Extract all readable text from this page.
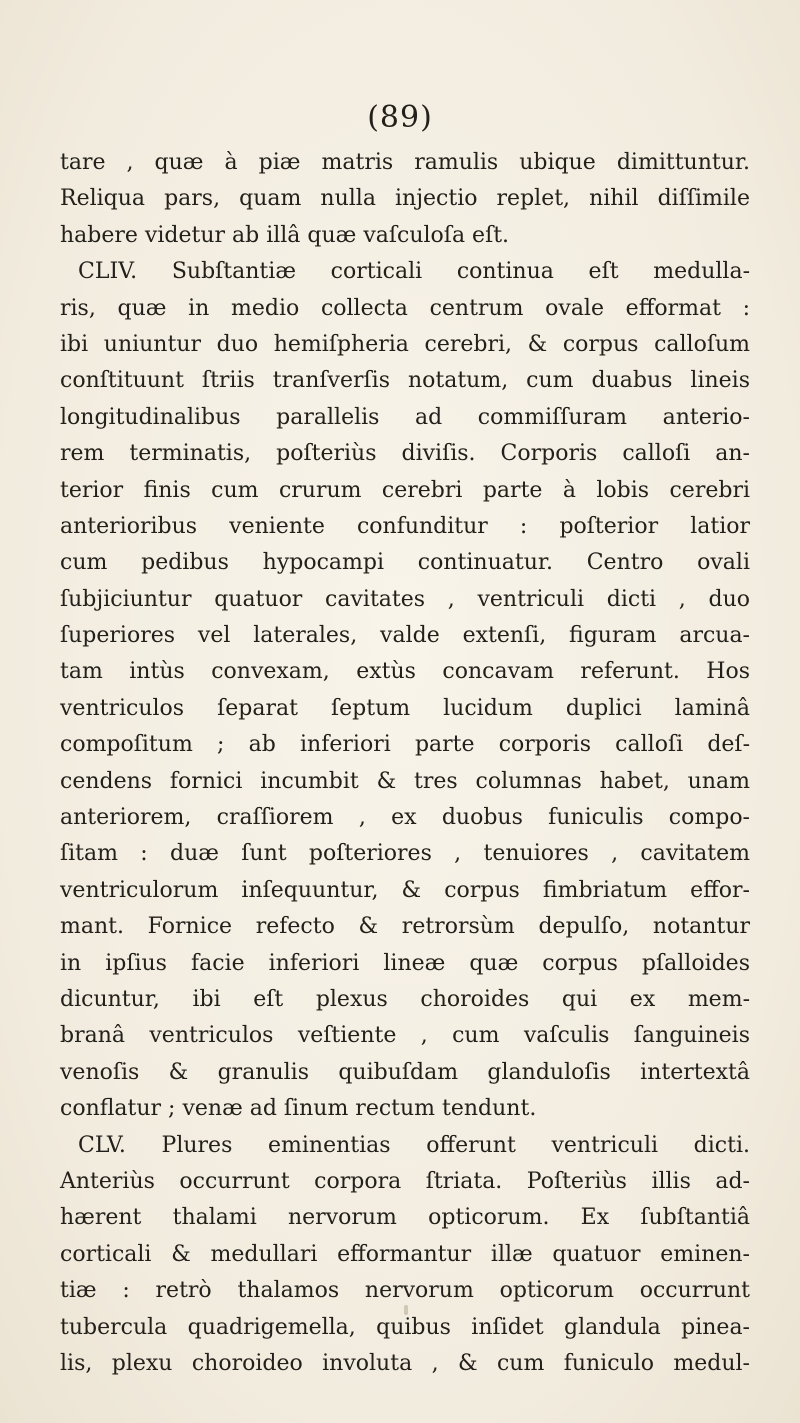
(89)
tare , quæ à piæ matris ramulis ubique dimittuntur.
Reliqua pars, quam nulla injectio replet, nihil diſſimile
habere videtur ab illâ quæ vaſculoſa eſt.
CLIV. Subſtantiæ corticali continua eſt medulla-
ris, quæ in medio collecta centrum ovale efformat :
ibi uniuntur duo hemiſpheria cerebri, & corpus calloſum
conſtituunt ſtriis tranſverſis notatum, cum duabus lineis
longitudinalibus parallelis ad commiſſuram anterio-
rem terminatis, poſteriùs diviſis. Corporis calloſi an-
terior finis cum crurum cerebri parte à lobis cerebri
anterioribus veniente confunditur : poſterior latior
cum pedibus hypocampi continuatur. Centro ovali
ſubjiciuntur quatuor cavitates , ventriculi dicti , duo
ſuperiores vel laterales, valde extenſi, figuram arcua-
tam intùs convexam, extùs concavam referunt. Hos
ventriculos ſeparat ſeptum lucidum duplici laminâ
compoſitum ; ab inferiori parte corporis calloſi deſ-
cendens fornici incumbit & tres columnas habet, unam
anteriorem, craſſiorem , ex duobus funiculis compo-
ſitam : duæ ſunt poſteriores , tenuiores , cavitatem
ventriculorum inſequuntur, & corpus fimbriatum effor-
mant. Fornice refecto & retrorsùm depulſo, notantur
in ipſius facie inferiori lineæ quæ corpus pſalloides
dicuntur, ibi eſt plexus choroides qui ex mem-
branâ ventriculos veſtiente , cum vaſculis ſanguineis
venoſis & granulis quibuſdam glanduloſis intertextâ
conflatur ; venæ ad ſinum rectum tendunt.
CLV. Plures eminentias offerunt ventriculi dicti.
Anteriùs occurrunt corpora ſtriata. Poſteriùs illis ad-
hærent thalami nervorum opticorum. Ex ſubſtantiâ
corticali & medullari efformantur illæ quatuor eminen-
tiæ : retrò thalamos nervorum opticorum occurrunt
tubercula quadrigemella, quibus inſidet glandula pinea-
lis, plexu choroideo involuta , & cum funiculo medul-
